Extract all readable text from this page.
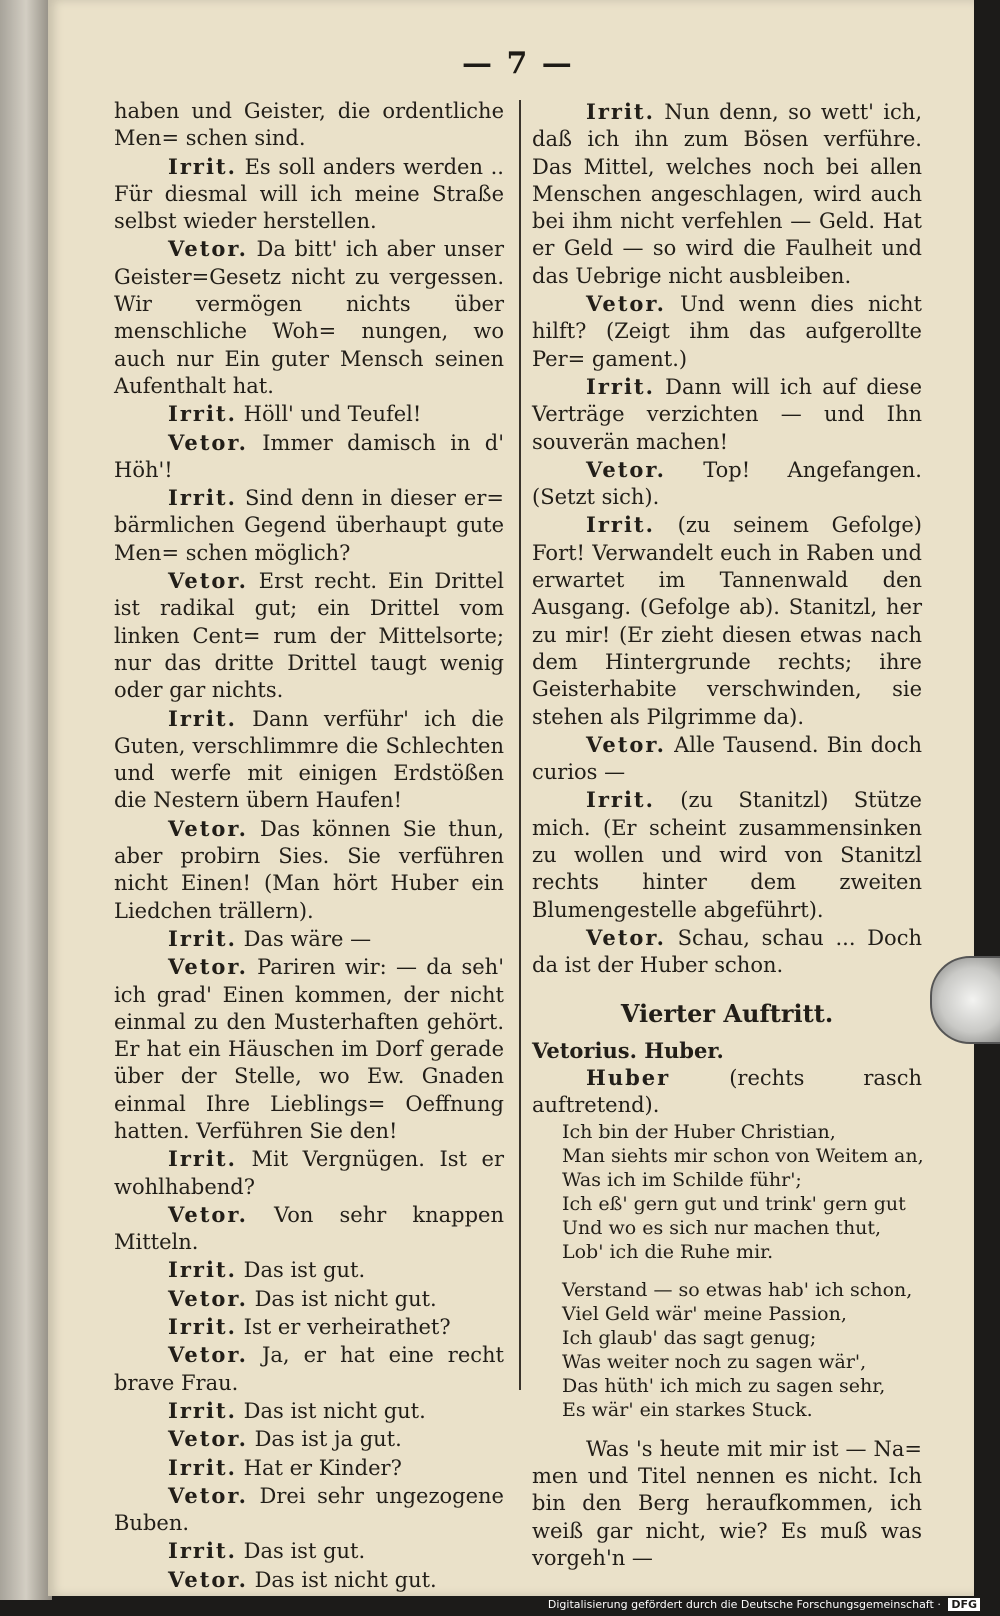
— 7 —

haben und Geister, die ordentliche Men= schen sind.

Irrit. Es soll anders werden .. Für diesmal will ich meine Straße selbst wieder herstellen.

Vetor. Da bitt' ich aber unser Geister=Gesetz nicht zu vergessen. Wir vermögen nichts über menschliche Woh= nungen, wo auch nur Ein guter Mensch seinen Aufenthalt hat.

Irrit. Höll' und Teufel!

Vetor. Immer damisch in d' Höh'!

Irrit. Sind denn in dieser er= bärmlichen Gegend überhaupt gute Men= schen möglich?

Vetor. Erst recht. Ein Drittel ist radikal gut; ein Drittel vom linken Cent= rum der Mittelsorte; nur das dritte Drittel taugt wenig oder gar nichts.

Irrit. Dann verführ' ich die Guten, verschlimmre die Schlechten und werfe mit einigen Erdstößen die Nestern übern Haufen!

Vetor. Das können Sie thun, aber probirn Sies. Sie verführen nicht Einen! (Man hört Huber ein Liedchen trällern).

Irrit. Das wäre —

Vetor. Pariren wir: — da seh' ich grad' Einen kommen, der nicht einmal zu den Musterhaften gehört. Er hat ein Häuschen im Dorf gerade über der Stelle, wo Ew. Gnaden einmal Ihre Lieblings= Oeffnung hatten. Verführen Sie den!

Irrit. Mit Vergnügen. Ist er wohlhabend?

Vetor. Von sehr knappen Mitteln.

Irrit. Das ist gut.

Vetor. Das ist nicht gut.

Irrit. Ist er verheirathet?

Vetor. Ja, er hat eine recht brave Frau.

Irrit. Das ist nicht gut.

Vetor. Das ist ja gut.

Irrit. Hat er Kinder?

Vetor. Drei sehr ungezogene Buben.

Irrit. Das ist gut.

Vetor. Das ist nicht gut.

Irrit. Nun denn, so wett' ich, daß ich ihn zum Bösen verführe. Das Mittel, welches noch bei allen Menschen angeschlagen, wird auch bei ihm nicht verfehlen — Geld. Hat er Geld — so wird die Faulheit und das Uebrige nicht ausbleiben.

Vetor. Und wenn dies nicht hilft? (Zeigt ihm das aufgerollte Per= gament.)

Irrit. Dann will ich auf diese Verträge verzichten — und Ihn souverän machen!

Vetor. Top! Angefangen. (Setzt sich).

Irrit. (zu seinem Gefolge) Fort! Verwandelt euch in Raben und erwartet im Tannenwald den Ausgang. (Gefolge ab). Stanitzl, her zu mir! (Er zieht diesen etwas nach dem Hintergrunde rechts; ihre Geisterhabite verschwinden, sie stehen als Pilgrimme da).

Vetor. Alle Tausend. Bin doch curios —

Irrit. (zu Stanitzl) Stütze mich. (Er scheint zusammensinken zu wollen und wird von Stanitzl rechts hinter dem zweiten Blumengestelle abgeführt).

Vetor. Schau, schau ... Doch da ist der Huber schon.

Vierter Auftritt.

Vetorius. Huber.

Huber	(rechts rasch auftretend).

Ich bin der Huber Christian,
Man siehts mir schon von Weitem an,
Was ich im Schilde führ';
Ich eß' gern gut und trink' gern gut
Und wo es sich nur machen thut,
Lob' ich die Ruhe mir.
Verstand — so etwas hab' ich schon,
Viel Geld wär' meine Passion,
Ich glaub' das sagt genug;
Was weiter noch zu sagen wär',
Das hüth' ich mich zu sagen sehr,
Es wär' ein starkes Stuck.

Was 's heute mit mir ist — Na= men und Titel nennen es nicht. Ich bin den Berg heraufkommen, ich weiß gar nicht, wie? Es muß was vorgeh'n —

Digitalisierung gefördert durch die Deutsche Forschungsgemeinschaft · DFG
